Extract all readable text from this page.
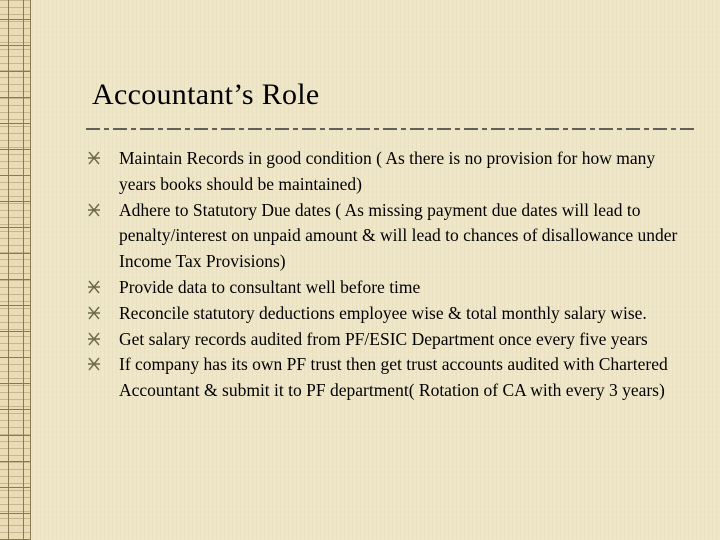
Accountant’s Role
Maintain Records in good condition ( As there is no provision for how many years books should be maintained)
Adhere to Statutory Due dates ( As missing payment due dates will lead to penalty/interest on unpaid amount & will lead to chances of disallowance under Income Tax Provisions)
Provide data to consultant well before time
Reconcile statutory deductions employee wise & total monthly salary wise.
Get salary records audited from PF/ESIC Department once every five years
If company has its own PF trust then get trust accounts audited with Chartered Accountant & submit it to PF department( Rotation of CA with every 3 years)
